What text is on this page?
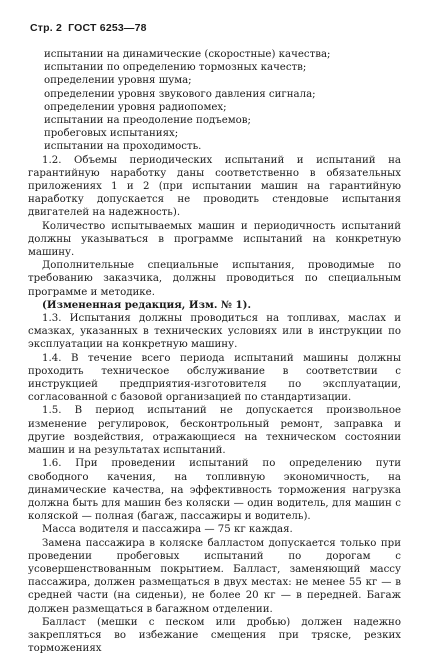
Стр. 2 ГОСТ 6253—78
испытании на динамические (скоростные) качества;
испытании по определению тормозных качеств;
определении уровня шума;
определении уровня звукового давления сигнала;
определении уровня радиопомех;
испытании на преодоление подъемов;
пробеговых испытаниях;
испытании на проходимость.

1.2. Объемы периодических испытаний и испытаний на гарантийную наработку даны соответственно в обязательных приложениях 1 и 2 (при испытании машин на гарантийную наработку допускается не проводить стендовые испытания двигателей на надежность).

Количество испытываемых машин и периодичность испытаний должны указываться в программе испытаний на конкретную машину.

Дополнительные специальные испытания, проводимые по требованию заказчика, должны проводиться по специальным программе и методике.

(Измененная редакция, Изм. № 1).

1.3. Испытания должны проводиться на топливах, маслах и смазках, указанных в технических условиях или в инструкции по эксплуатации на конкретную машину.

1.4. В течение всего периода испытаний машины должны проходить техническое обслуживание в соответствии с инструкцией предприятия-изготовителя по эксплуатации, согласованной с базовой организацией по стандартизации.

1.5. В период испытаний не допускается произвольное изменение регулировок, бесконтрольный ремонт, заправка и другие воздействия, отражающиеся на техническом состоянии машин и на результатах испытаний.

1.6. При проведении испытаний по определению пути свободного качения, на топливную экономичность, на динамические качества, на эффективность торможения нагрузка должна быть для машин без коляски — один водитель, для машин с коляской — полная (багаж, пассажиры и водитель).

Масса водителя и пассажира — 75 кг каждая.

Замена пассажира в коляске балластом допускается только при проведении пробеговых испытаний по дорогам с усовершенствованным покрытием. Балласт, заменяющий массу пассажира, должен размещаться в двух местах: не менее 55 кг — в средней части (на сиденьи), не более 20 кг — в передней. Багаж должен размещаться в багажном отделении.

Балласт (мешки с песком или дробью) должен надежно закрепляться во избежание смещения при тряске, резких торможениях
